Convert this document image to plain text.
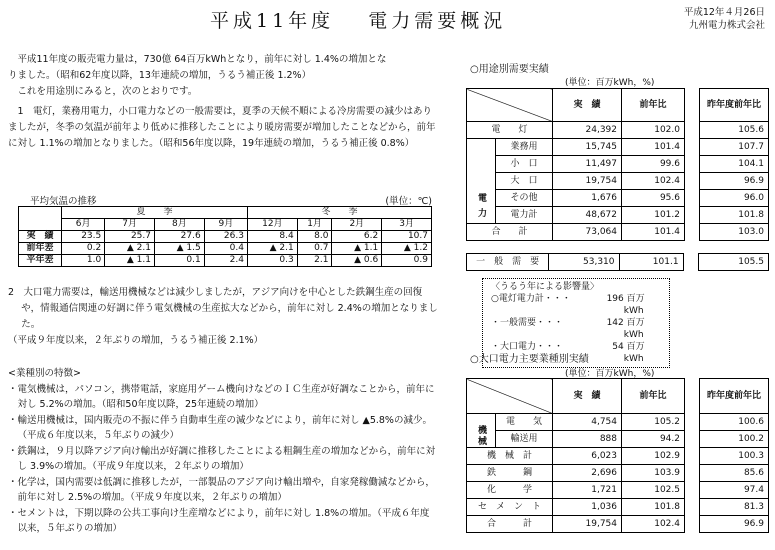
平成11年度 電力需要概況	平成12年４月26日
九州電力株式会社

平成11年度の販売電力量は，730億 64百万kWhとなり，前年に対し 1.4%の増加とな

りました。（昭和62年度以降，13年連続の増加，うるう補正後 1.2%）

これを用途別にみると，次のとおりです。

1　電灯，業務用電力，小口電力などの一般需要は，夏季の天候不順による冷房需要の減少はありましたが，冬季の気温が前年より低めに推移したことにより暖房需要が増加したことなどから，前年に対し 1.1%の増加となりました。（昭和56年度以降，19年連続の増加，うるう補正後 0.8%）

平均気温の推移	(単位：℃)
	夏　　季				冬　　季			
	6月	7月	8月	9月	12月	1月	2月	3月
実　績	23.5	25.7	27.6	26.3	8.4	8.0	6.2	10.7
前年差	0.2	▲ 2.1	▲ 1.5	0.4	▲ 2.1	0.7	▲ 1.1	▲ 1.2
平年差	1.0	▲ 1.1	0.1	2.4	0.3	2.1	▲ 0.6	0.9

2　大口電力需要は，輸送用機械などは減少しましたが，アジア向けを中心とした鉄鋼生産の回復や，情報通信関連の好調に伴う電気機械の生産拡大などから，前年に対し 2.4%の増加となりました。

（平成９年度以来，２年ぶりの増加，うるう補正後 2.1%）

<業種別の特徴>

・電気機械は，パソコン，携帯電話，家庭用ゲーム機向けなどのＩＣ生産が好調なことから，前年に対し 5.2%の増加。（昭和50年度以降，25年連続の増加）

・輸送用機械は，国内販売の不振に伴う自動車生産の減少などにより，前年に対し ▲5.8%の減少。（平成６年度以来，５年ぶりの減少）

・鉄鋼は，９月以降アジア向け輸出が好調に推移したことによる粗鋼生産の増加などから，前年に対し 3.9%の増加。（平成９年度以来，２年ぶりの増加）

・化学は，国内需要は低調に推移したが，一部製品のアジア向け輸出増や，自家発稼働減などから，前年に対し 2.5%の増加。（平成９年度以来，２年ぶりの増加）

・セメントは，下期以降の公共工事向け生産増などにより，前年に対し 1.8%の増加。（平成６年度以来，５年ぶりの増加）

○用途別需要実績
(単位：百万kWh，%)
		実　績	前年比		昨年度前年比
電　　灯		24,392	102.0		105.6
電力	業務用	15,745	101.4		107.7
	小　口	11,497	99.6		104.1
	大　口	19,754	102.4		96.9
	その他	1,676	95.6		96.0
	電力計	48,672	101.2		101.8
合　　計		73,064	101.4		103.0
一　般　需　要	53,310	101.1		105.5
〈うるう年による影響量〉
○電灯電力計・・・	196 百万kWh
・一般需要・・・	142 百万kWh
・大口電力・・・	54 百万kWh
○大口電力主要業種別実績
(単位：百万kWh，%)
		実　績	前年比		昨年度前年比
機械	電　　気	4,754	105.2		100.6
	輸送用	888	94.2		100.2
機　械　計		6,023	102.9		100.3
鉄　　　鋼		2,696	103.9		85.6
化　　　学		1,721	102.5		97.4
セ　メ　ン　ト		1,036	101.8		81.3
合　　　計		19,754	102.4		96.9
